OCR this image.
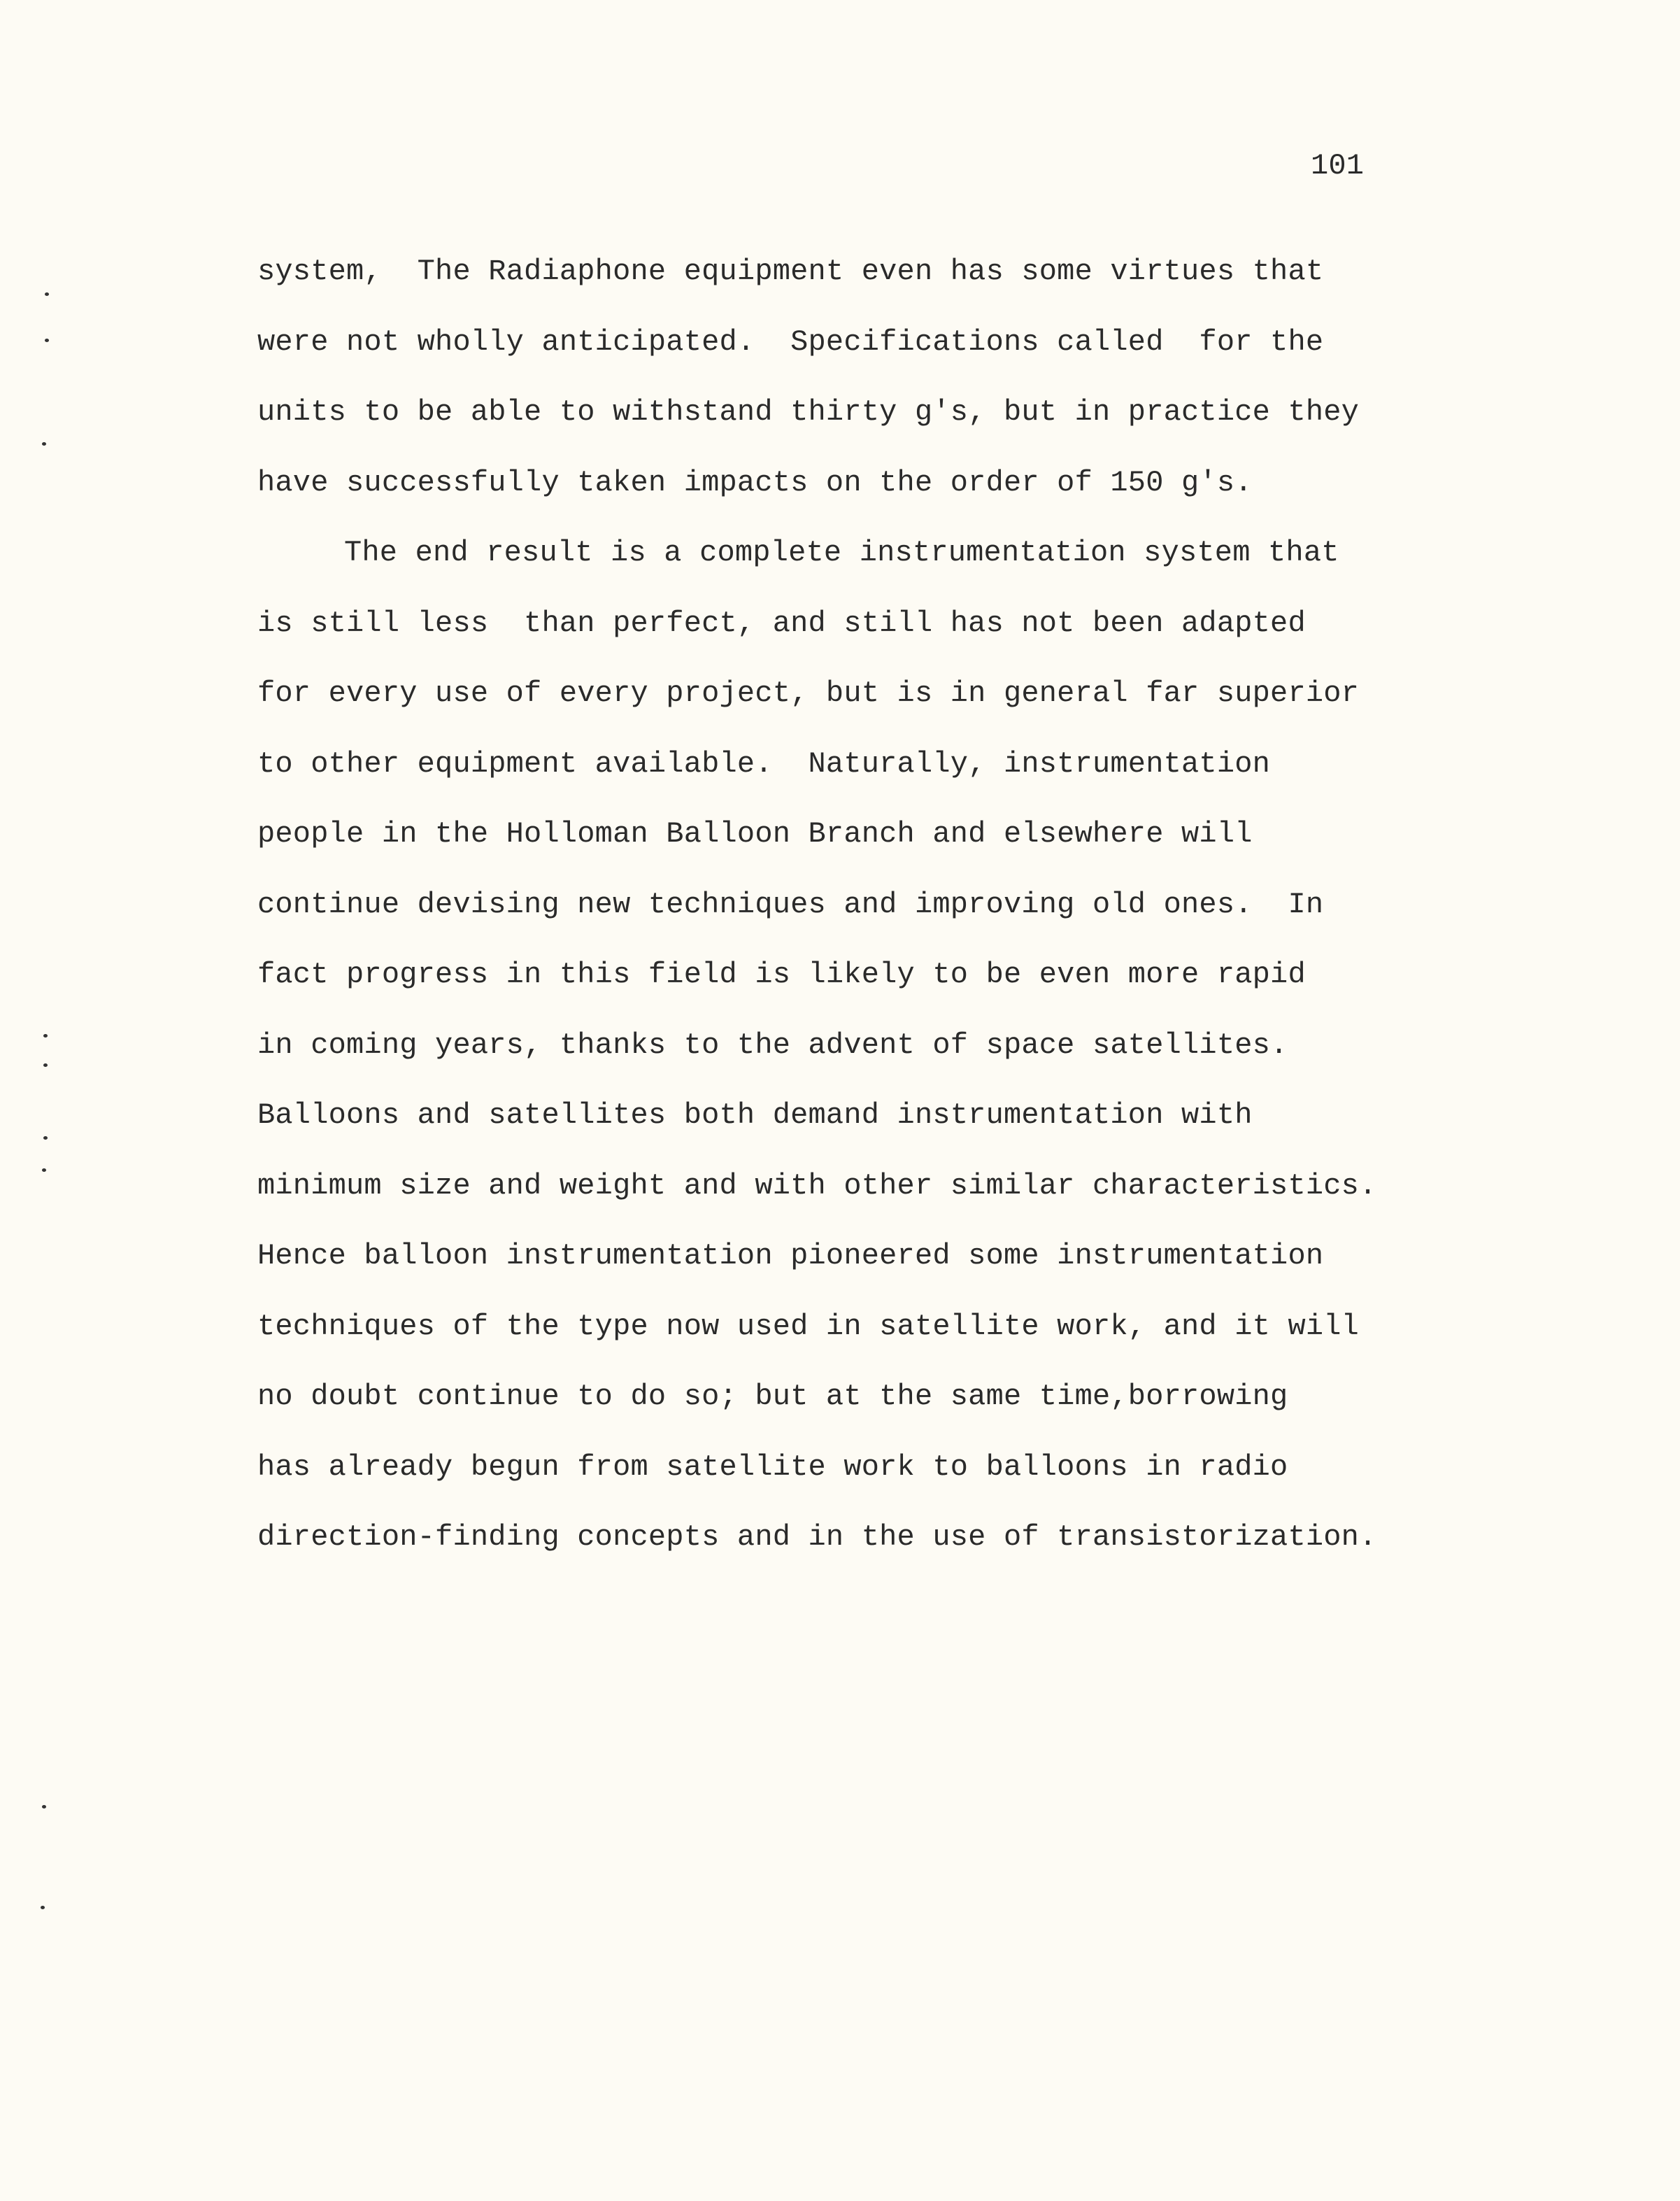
101
system,  The Radiaphone equipment even has some virtues that
were not wholly anticipated.  Specifications called  for the
units to be able to withstand thirty g's, but in practice they
have successfully taken impacts on the order of 150 g's.
The end result is a complete instrumentation system that
is still less  than perfect, and still has not been adapted
for every use of every project, but is in general far superior
to other equipment available.  Naturally, instrumentation
people in the Holloman Balloon Branch and elsewhere will
continue devising new techniques and improving old ones.  In
fact progress in this field is likely to be even more rapid
in coming years, thanks to the advent of space satellites.
Balloons and satellites both demand instrumentation with
minimum size and weight and with other similar characteristics.
Hence balloon instrumentation pioneered some instrumentation
techniques of the type now used in satellite work, and it will
no doubt continue to do so; but at the same time,borrowing
has already begun from satellite work to balloons in radio
direction-finding concepts and in the use of transistorization.
